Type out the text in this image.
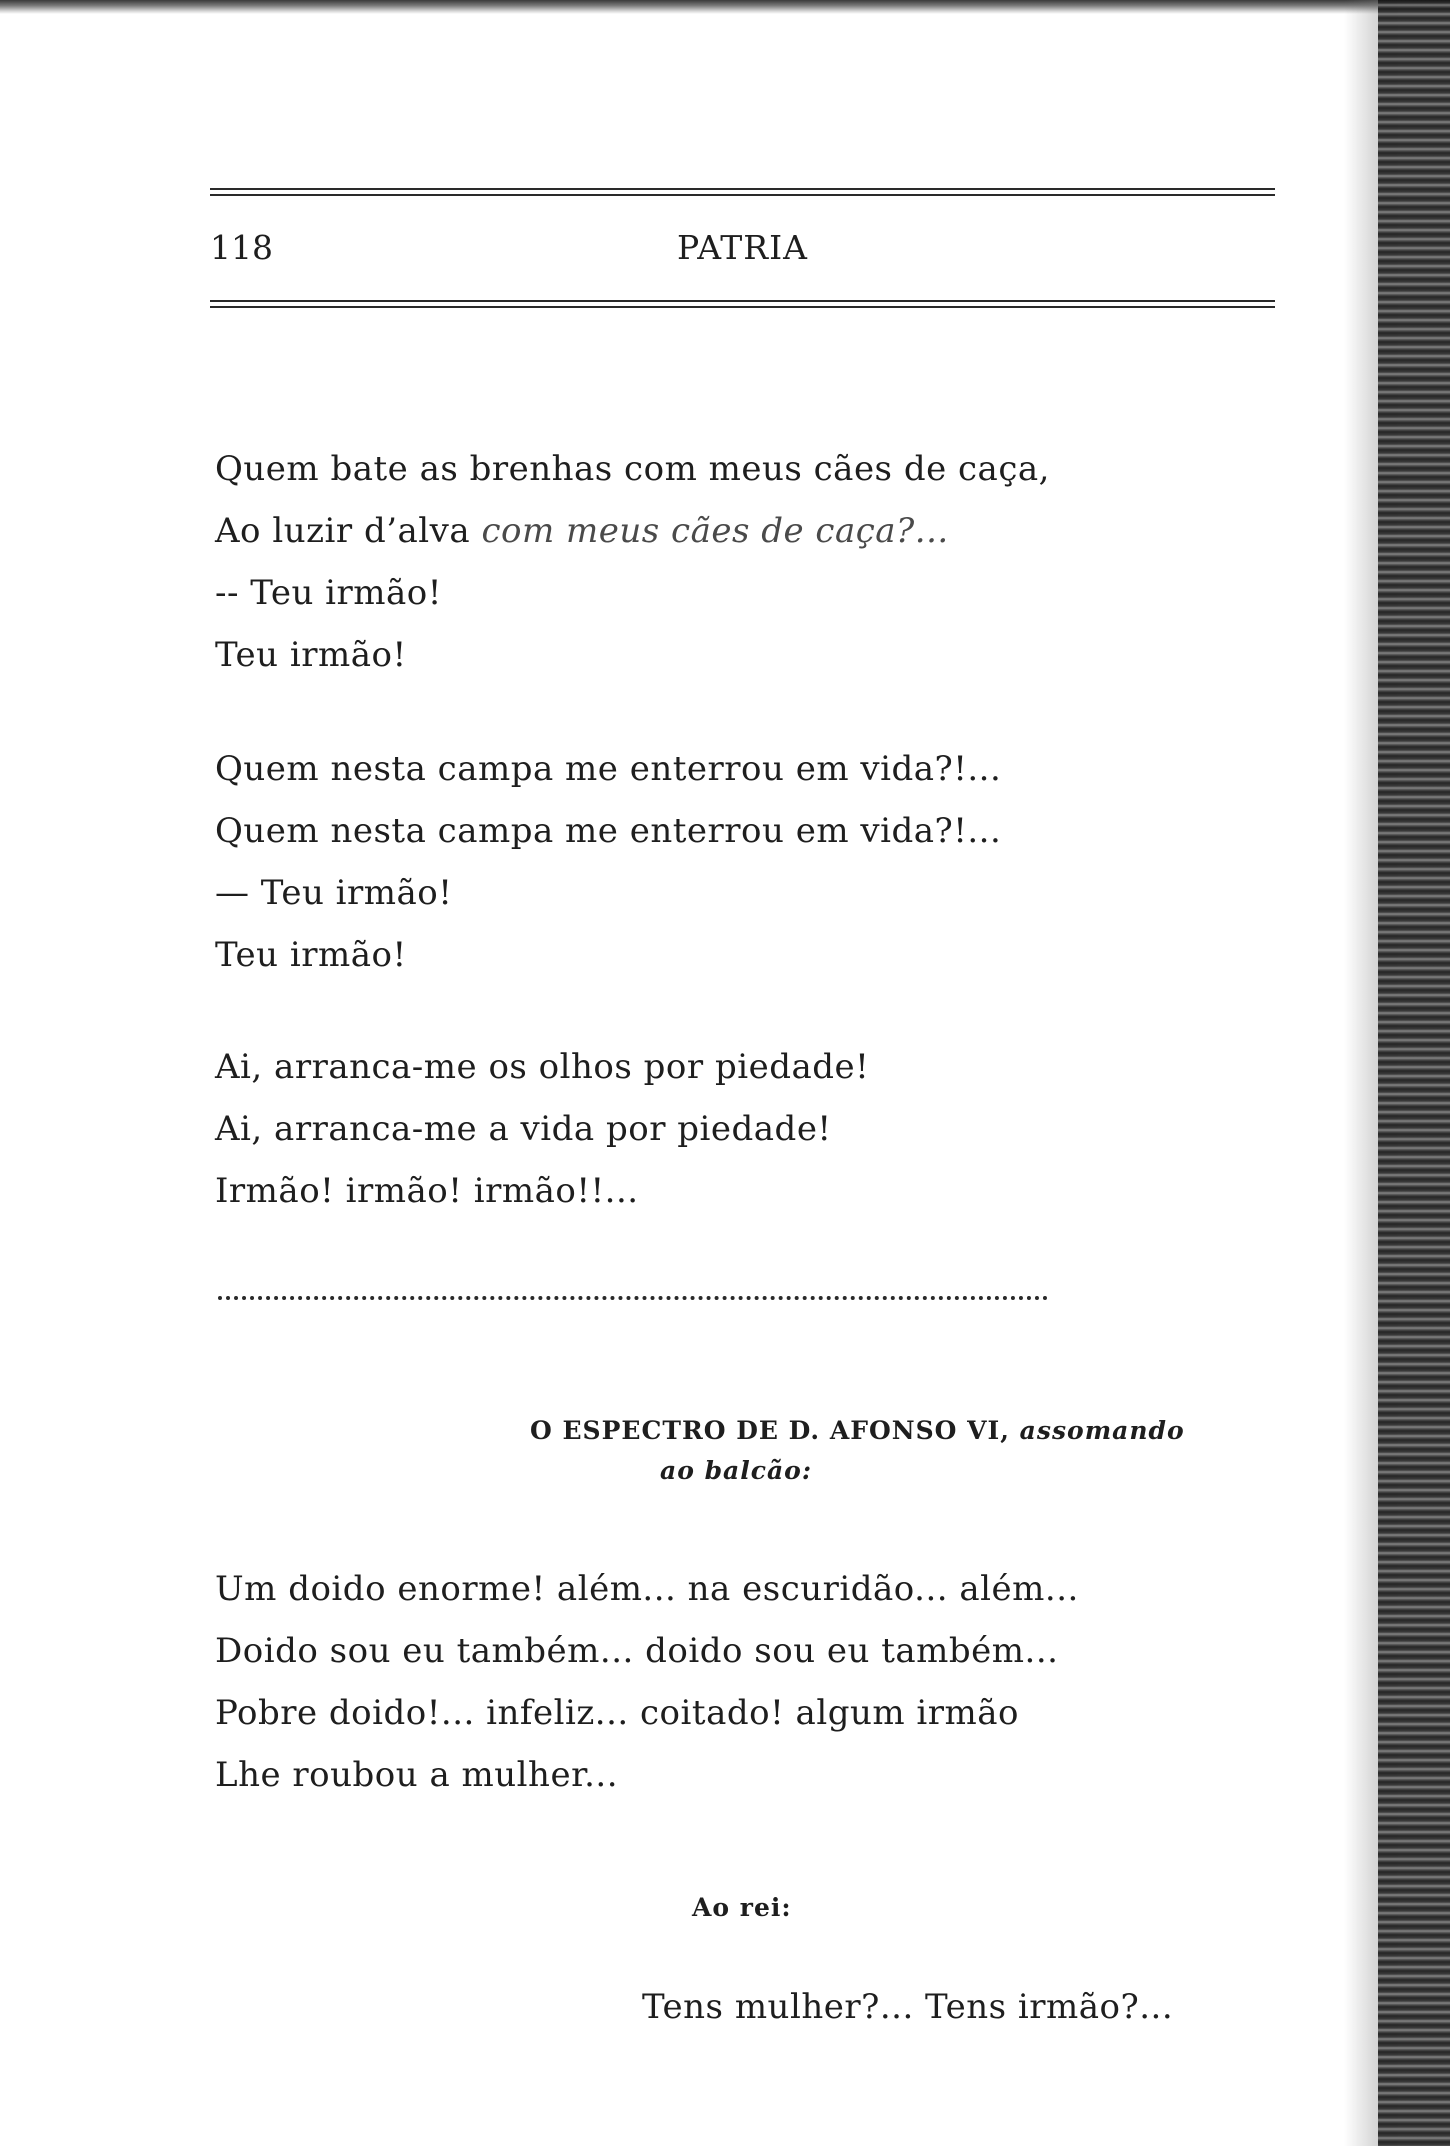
118	PATRIA
Quem bate as brenhas com meus cães de caça,
Ao luzir d’alva com meus cães de caça?...
-- Teu irmão!
Teu irmão!
Quem nesta campa me enterrou em vida?!...
Quem nesta campa me enterrou em vida?!...
— Teu irmão!
Teu irmão!
Ai, arranca-me os olhos por piedade!
Ai, arranca-me a vida por piedade!
Irmão! irmão! irmão!!...
O ESPECTRO DE D. AFONSO VI, assomando
ao balcão:
Um doido enorme! além... na escuridão... além...
Doido sou eu também... doido sou eu também...
Pobre doido!... infeliz... coitado! algum irmão
Lhe roubou a mulher...
Ao rei:
Tens mulher?... Tens irmão?...
